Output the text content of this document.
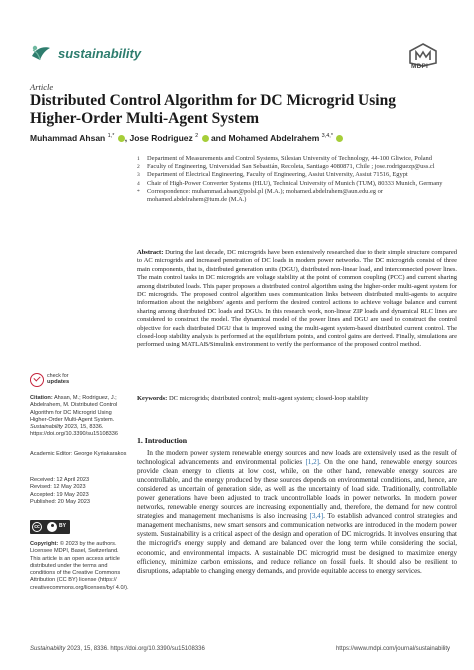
sustainability
MDPI
Article
Distributed Control Algorithm for DC Microgrid Using Higher-Order Multi-Agent System
Muhammad Ahsan $^{1,*}$ , Jose Rodriguez $^2$  and Mohamed Abdelrahem $^{3,4,*}$
1 Department of Measurements and Control Systems, Silesian University of Technology, 44-100 Gliwice, Poland
2 Faculty of Engineering, Universidad San Sebastián, Recoleta, Santiago 4080871, Chile ; jose.rodriguezp@uss.cl
3 Department of Electrical Engineering, Faculty of Engineering, Assiut University, Assiut 71516, Egypt
4 Chair of High-Power Converter Systems (HLU), Technical University of Munich (TUM), 80333 Munich, Germany
* Correspondence: muhammad.ahsan@polsl.pl (M.A.); mohamed.abdelrahem@aun.edu.eg or mohamed.abdelrahem@tum.de (M.A.)

Abstract: During the last decade, DC microgrids have been extensively researched due to their simple structure compared to AC microgrids and increased penetration of DC loads in modern power networks. The DC microgrids consist of three main components, that is, distributed generation units (DGU), distributed non-linear load, and interconnected power lines. The main control tasks in DC microgrids are voltage stability at the point of common coupling (PCC) and current sharing among distributed loads. This paper proposes a distributed control algorithm using the higher-order multi-agent system for DC microgrids. The proposed control algorithm uses communication links between distributed multi-agents to acquire information about the neighbors' agents and perform the desired control actions to achieve voltage balance and current sharing among distributed DC loads and DGUs. In this research work, non-linear ZIP loads and dynamical RLC lines are considered to construct the model. The dynamical model of the power lines and DGU are used to construct the control objective for each distributed DGU that is improved using the multi-agent system-based distributed current control. The closed-loop stability analysis is performed at the equilibrium points, and control gains are derived. Finally, simulations are performed using MATLAB/Simulink environment to verify the performance of the proposed control method.

Keywords: DC microgrids; distributed control; multi-agent system; closed-loop stability

1. Introduction

In the modern power system renewable energy sources and new loads are extensively used as the result of technological advancements and environmental policies [1,2]. On the one hand, renewable energy sources provide clean energy to clients at low cost, while, on the other hand, renewable energy sources are uncontrollable, and the energy produced by these sources depends on environmental conditions, and, hence, are considered as uncertain of generation side, as well as the uncertainty of load side. Traditionally, controllable power generations have been adjusted to track uncontrollable loads in power networks. In modern power networks, renewable energy sources are increasing exponentially and, therefore, the demand for new control strategies and management mechanisms is also increasing [3,4]. To establish advanced control strategies and management mechanisms, new smart sensors and communication networks are introduced in the modern power system. Sustainability is a critical aspect of the design and operation of DC microgrids. It involves ensuring that the microgrid's energy supply and demand are balanced over the long term while considering the social, economic, and environmental impacts. A sustainable DC microgrid must be designed to maximize energy efficiency, minimize carbon emissions, and reduce reliance on fossil fuels. It should also be resilient to disruptions, adaptable to changing energy demands, and provide equitable access to energy services.

check for
updates
Citation: Ahsan, M.; Rodriguez, J.; Abdelrahem, M. Distributed Control Algorithm for DC Microgrid Using Higher-Order Multi-Agent System. Sustainability 2023, 15, 8336. https://doi.org/10.3390/su15108336
Academic Editor: George Kyriakarakos
Received: 12 April 2023
Revised: 12 May 2023
Accepted: 19 May 2023
Published: 20 May 2023
cc	BY
Copyright: © 2023 by the authors. Licensee MDPI, Basel, Switzerland. This article is an open access article distributed under the terms and conditions of the Creative Commons Attribution (CC BY) license (https:// creativecommons.org/licenses/by/ 4.0/).
Sustainability 2023, 15, 8336. https://doi.org/10.3390/su15108336	https://www.mdpi.com/journal/sustainability
